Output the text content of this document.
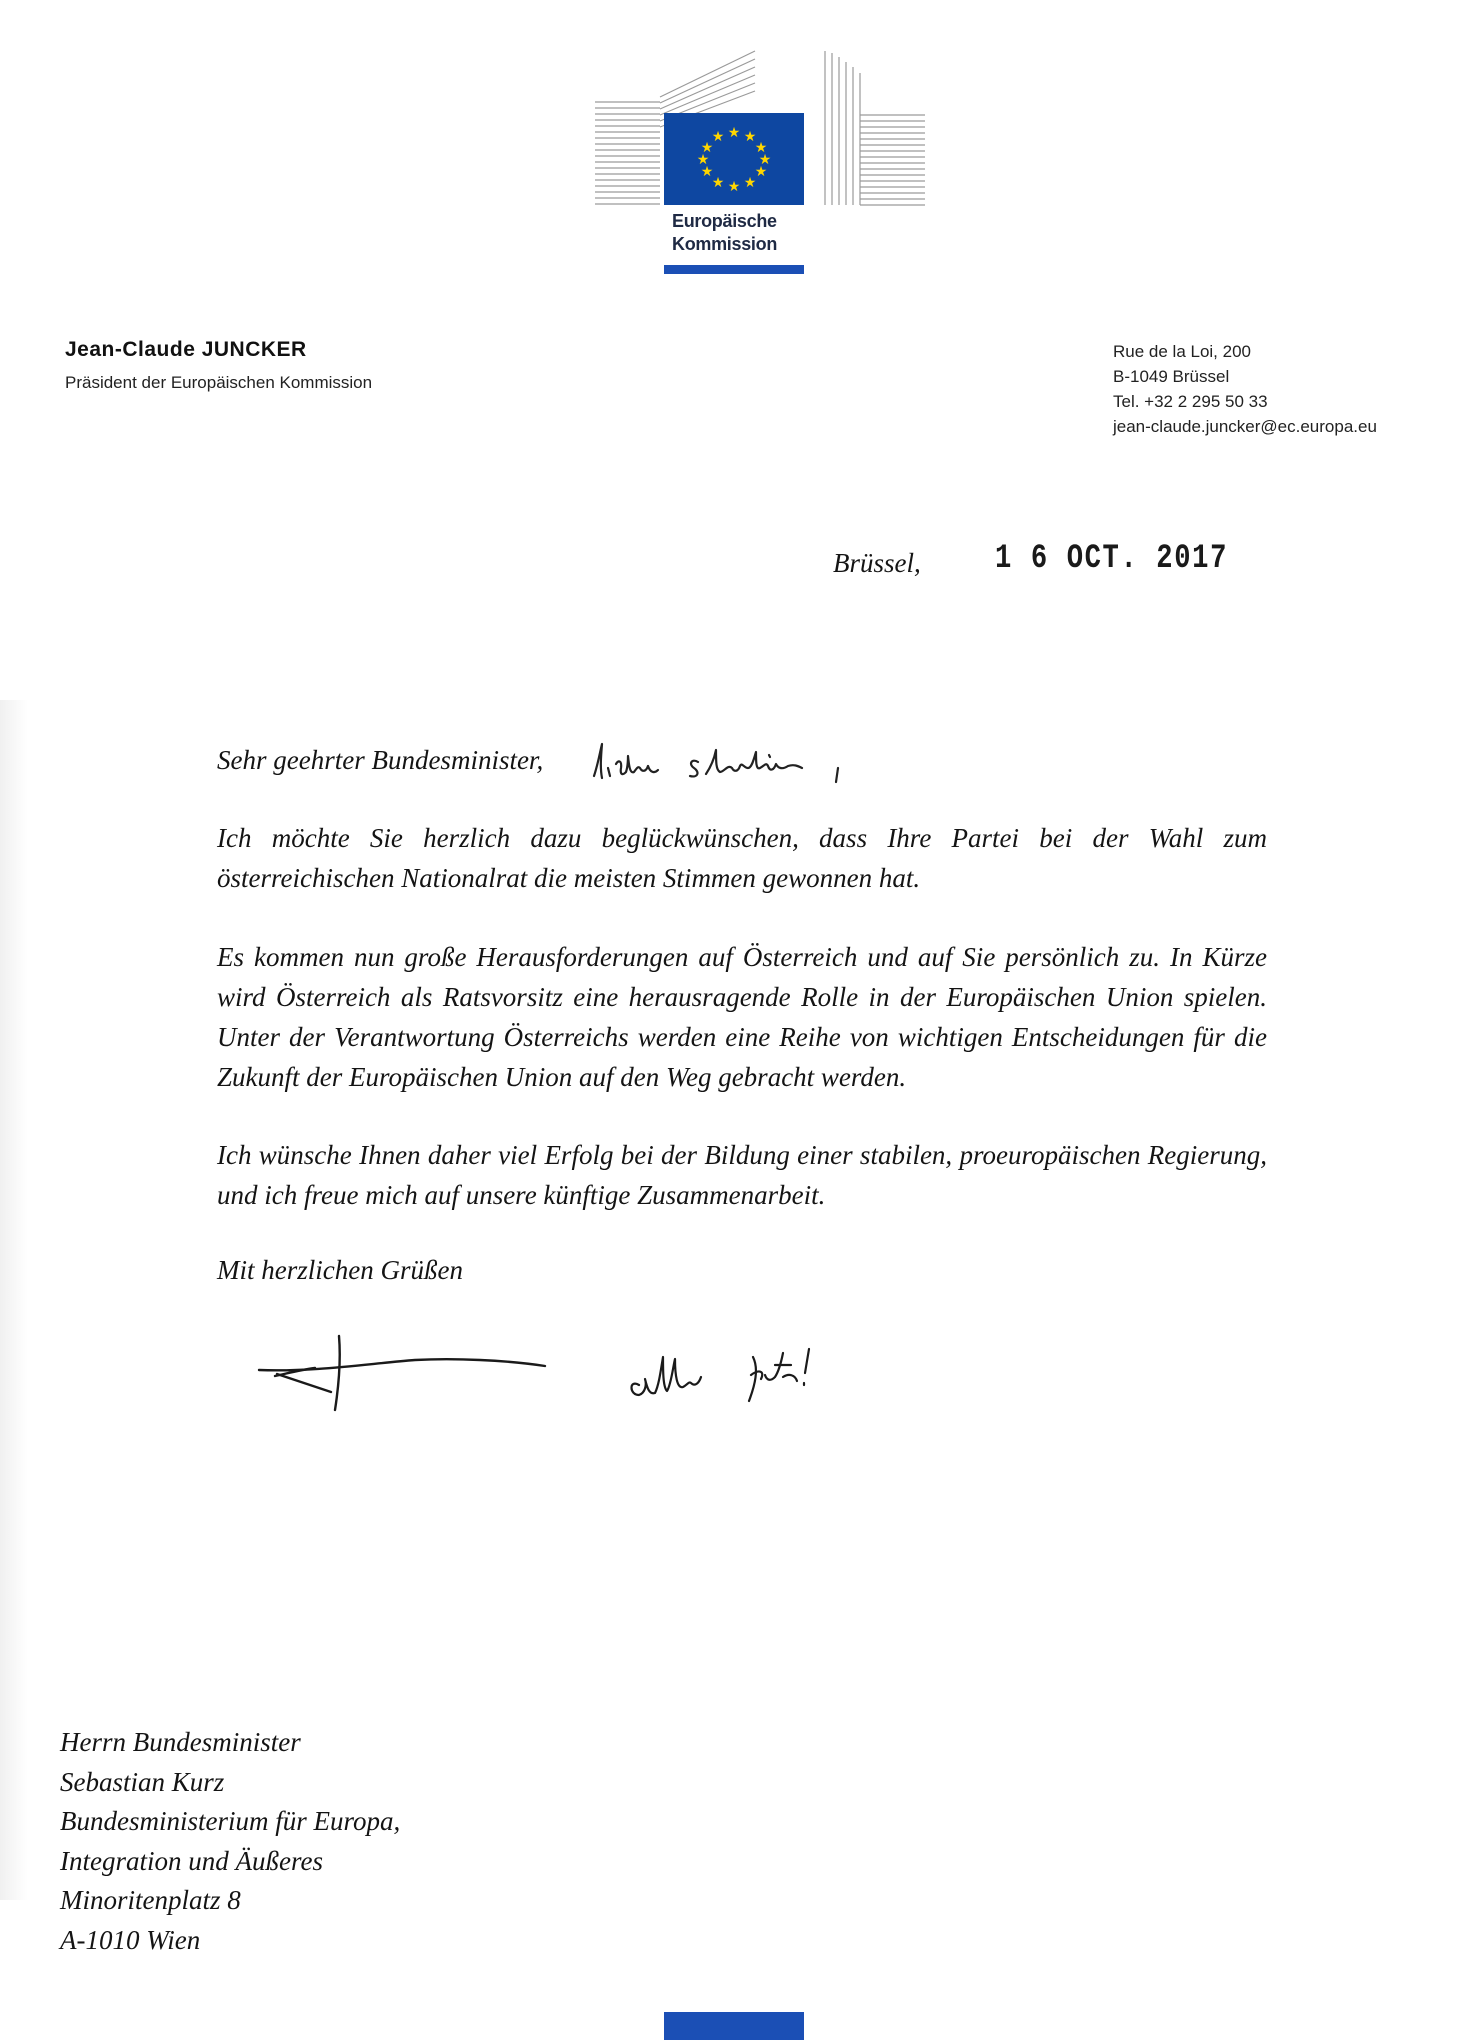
★ ★
★
★
★
★
★
★
★
★
★
★
Europäische
Kommission
Jean-Claude JUNCKER
Präsident der Europäischen Kommission
Rue de la Loi, 200
B-1049 Brüssel
Tel. +32 2 295 50 33
jean-claude.juncker@ec.europa.eu
Brüssel, 1 6 OCT. 2017
Sehr geehrter Bundesminister,
Ich möchte Sie herzlich dazu beglückwünschen, dass Ihre Partei bei der Wahl zum österreichischen Nationalrat die meisten Stimmen gewonnen hat.
Es kommen nun große Herausforderungen auf Österreich und auf Sie persönlich zu. In Kürze wird Österreich als Ratsvorsitz eine herausragende Rolle in der Europäischen Union spielen. Unter der Verantwortung Österreichs werden eine Reihe von wichtigen Entscheidungen für die Zukunft der Europäischen Union auf den Weg gebracht werden.
Ich wünsche Ihnen daher viel Erfolg bei der Bildung einer stabilen, proeuropäischen Regierung, und ich freue mich auf unsere künftige Zusammenarbeit.
Mit herzlichen Grüßen
Herrn Bundesminister
Sebastian Kurz
Bundesministerium für Europa,
Integration und Äußeres
Minoritenplatz 8
A-1010 Wien
